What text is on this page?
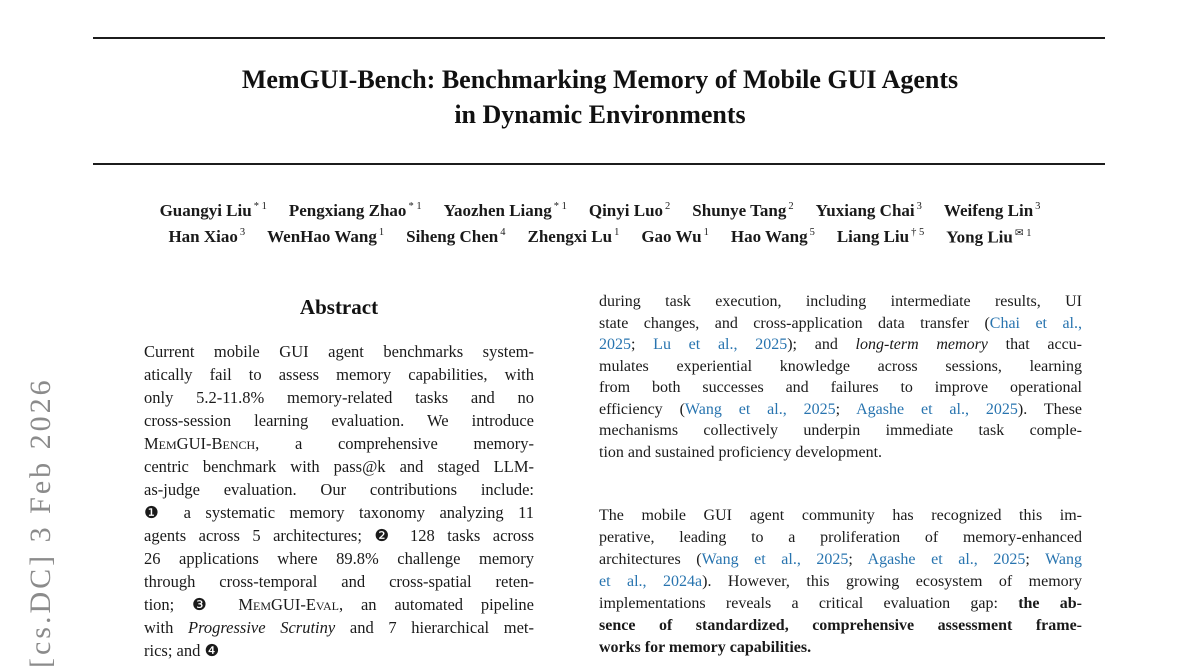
[cs.DC] 3 Feb 2026
MemGUI-Bench: Benchmarking Memory of Mobile GUI Agents
in Dynamic Environments
Guangyi Liu $^{* 1}$ Pengxiang Zhao $^{* 1}$ Yaozhen Liang $^{* 1}$ Qinyi Luo $^2$ Shunye Tang $^2$ Yuxiang Chai $^3$ Weifeng Lin $^3$
Han Xiao $^3$ WenHao Wang $^1$ Siheng Chen $^4$ Zhengxi Lu $^1$ Gao Wu $^1$ Hao Wang $^5$ Liang Liu $^{\dagger 5}$ Yong Liu $^{✉ 1}$
Abstract
Current mobile GUI agent benchmarks system-
atically fail to assess memory capabilities, with
only 5.2-11.8% memory-related tasks and no
cross-session learning evaluation. We introduce
MemGUI-Bench, a comprehensive memory-
centric benchmark with pass@k and staged LLM-
as-judge evaluation. Our contributions include:
❶ a systematic memory taxonomy analyzing 11
agents across 5 architectures; ❷ 128 tasks across
26 applications where 89.8% challenge memory
through cross-temporal and cross-spatial reten-
tion; ❸ MemGUI-Eval, an automated pipeline
with Progressive Scrutiny and 7 hierarchical met-
rics; and ❹
during task execution, including intermediate results, UI
state changes, and cross-application data transfer (Chai et al.,
2025; Lu et al., 2025); and long-term memory that accu-
mulates experiential knowledge across sessions, learning
from both successes and failures to improve operational
efficiency (Wang et al., 2025; Agashe et al., 2025). These
mechanisms collectively underpin immediate task comple-
tion and sustained proficiency development.
The mobile GUI agent community has recognized this im-
perative, leading to a proliferation of memory-enhanced
architectures (Wang et al., 2025; Agashe et al., 2025; Wang
et al., 2024a). However, this growing ecosystem of memory
implementations reveals a critical evaluation gap: the ab-
sence of standardized, comprehensive assessment frame-
works for memory capabilities.
